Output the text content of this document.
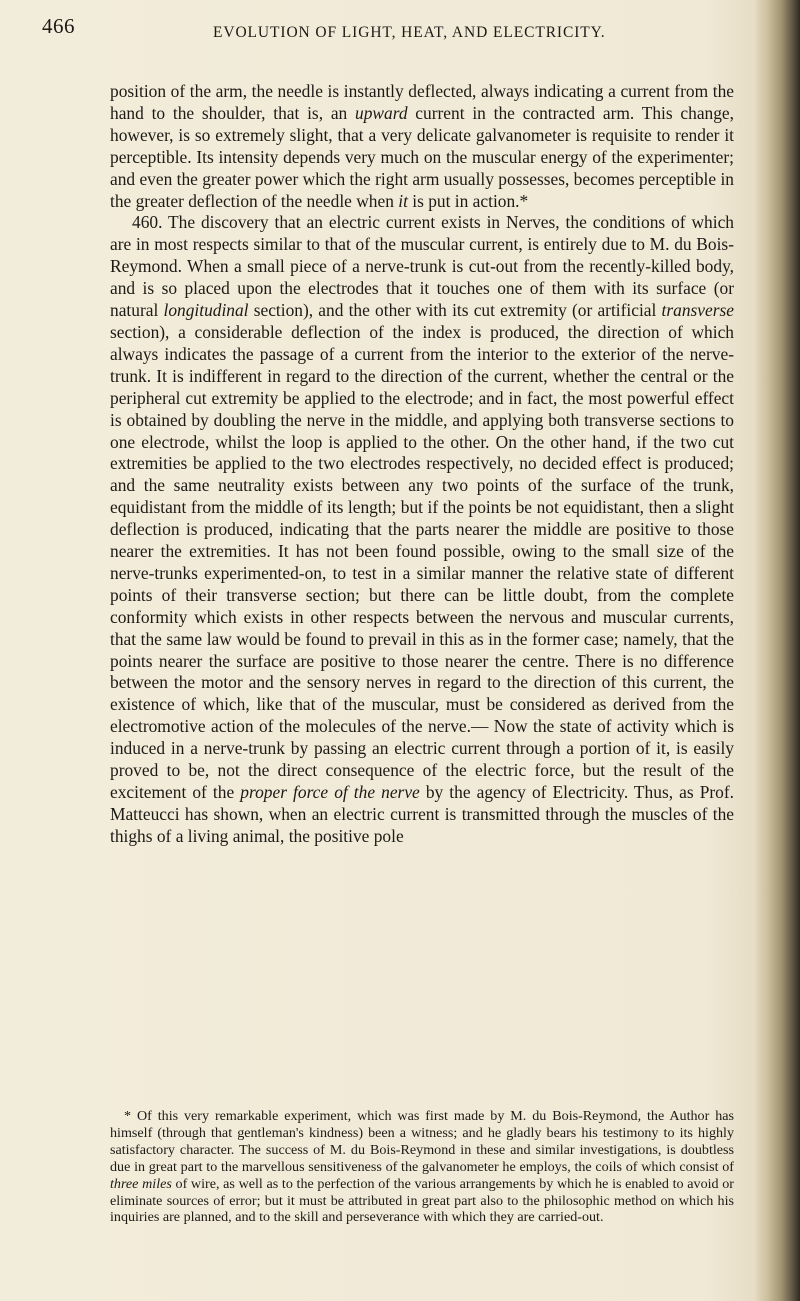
466	EVOLUTION OF LIGHT, HEAT, AND ELECTRICITY.

position of the arm, the needle is instantly deflected, always indicating a current from the hand to the shoulder, that is, an upward current in the contracted arm. This change, however, is so extremely slight, that a very delicate galvanometer is requisite to render it perceptible. Its intensity depends very much on the muscular energy of the experimenter; and even the greater power which the right arm usually possesses, becomes perceptible in the greater deflection of the needle when it is put in action.*

460. The discovery that an electric current exists in Nerves, the conditions of which are in most respects similar to that of the muscular current, is entirely due to M. du Bois-Reymond. When a small piece of a nerve-trunk is cut-out from the recently-killed body, and is so placed upon the electrodes that it touches one of them with its surface (or natural longitudinal section), and the other with its cut extremity (or artificial transverse section), a considerable deflection of the index is produced, the direction of which always indicates the passage of a current from the interior to the exterior of the nerve-trunk. It is indifferent in regard to the direction of the current, whether the central or the peripheral cut extremity be applied to the electrode; and in fact, the most powerful effect is obtained by doubling the nerve in the middle, and applying both transverse sections to one electrode, whilst the loop is applied to the other. On the other hand, if the two cut extremities be applied to the two electrodes respectively, no decided effect is produced; and the same neutrality exists between any two points of the surface of the trunk, equidistant from the middle of its length; but if the points be not equidistant, then a slight deflection is produced, indicating that the parts nearer the middle are positive to those nearer the extremities. It has not been found possible, owing to the small size of the nerve-trunks experimented-on, to test in a similar manner the relative state of different points of their transverse section; but there can be little doubt, from the complete conformity which exists in other respects between the nervous and muscular currents, that the same law would be found to prevail in this as in the former case; namely, that the points nearer the surface are positive to those nearer the centre. There is no difference between the motor and the sensory nerves in regard to the direction of this current, the existence of which, like that of the muscular, must be considered as derived from the electromotive action of the molecules of the nerve.— Now the state of activity which is induced in a nerve-trunk by passing an electric current through a portion of it, is easily proved to be, not the direct consequence of the electric force, but the result of the excitement of the proper force of the nerve by the agency of Electricity. Thus, as Prof. Matteucci has shown, when an electric current is transmitted through the muscles of the thighs of a living animal, the positive pole

* Of this very remarkable experiment, which was first made by M. du Bois-Reymond, the Author has himself (through that gentleman's kindness) been a witness; and he gladly bears his testimony to its highly satisfactory character. The success of M. du Bois-Reymond in these and similar investigations, is doubtless due in great part to the marvellous sensitiveness of the galvanometer he employs, the coils of which consist of three miles of wire, as well as to the perfection of the various arrangements by which he is enabled to avoid or eliminate sources of error; but it must be attributed in great part also to the philosophic method on which his inquiries are planned, and to the skill and perseverance with which they are carried-out.
